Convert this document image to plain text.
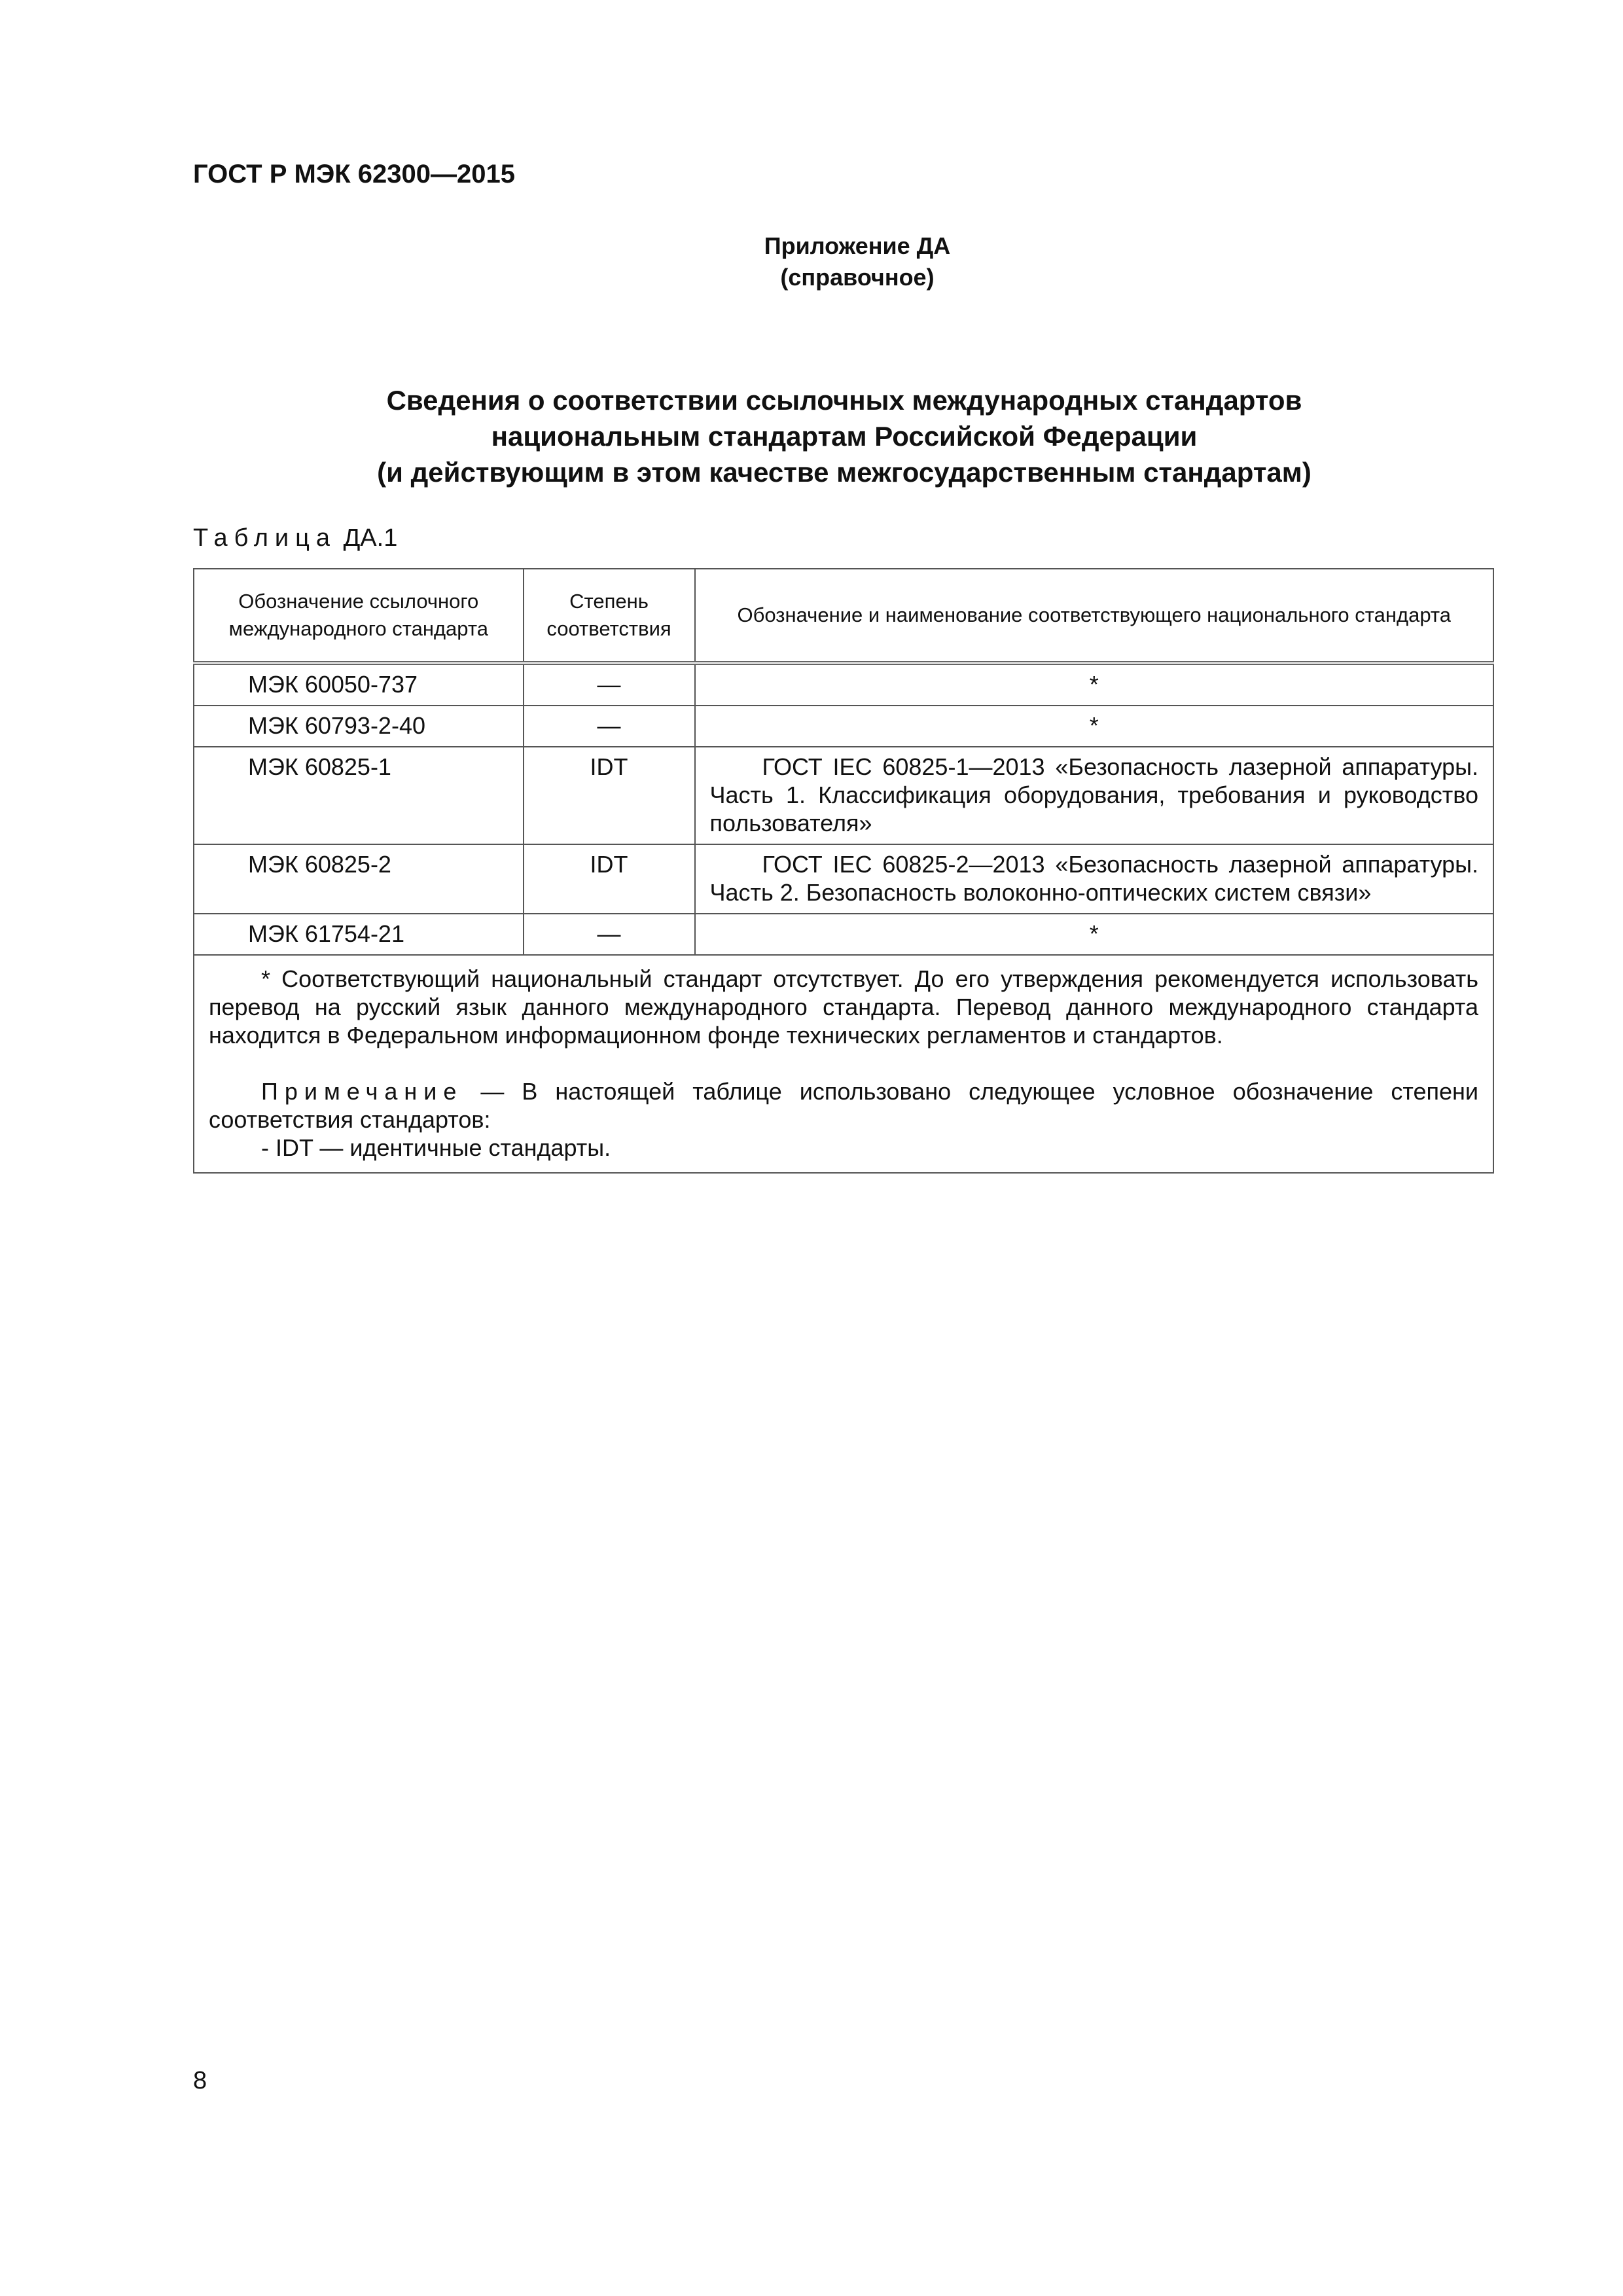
ГОСТ Р МЭК 62300—2015
Приложение ДА
(справочное)
Сведения о соответствии ссылочных международных стандартов
национальным стандартам Российской Федерации
(и действующим в этом качестве межгосударственным стандартам)
Таблица ДА.1
Обозначение ссылочного международного стандарта	Степень соответствия	Обозначение и наименование соответствующего национального стандарта
МЭК 60050-737	—	*
МЭК 60793-2-40	—	*
МЭК 60825-1	IDT	ГОСТ IEC 60825-1—2013 «Безопасность лазерной аппаратуры. Часть 1. Классификация оборудования, требования и руководство пользователя»
МЭК 60825-2	IDT	ГОСТ IEC 60825-2—2013 «Безопасность лазерной аппаратуры. Часть 2. Безопасность волоконно-оптических систем связи»
МЭК 61754-21	—	*

* Соответствующий национальный стандарт отсутствует. До его утверждения рекомендуется использовать перевод на русский язык данного международного стандарта. Перевод данного международного стандарта находится в Федеральном информационном фонде технических регламентов и стандартов.

Примечание — В настоящей таблице использовано следующее условное обозначение степени соответствия стандартов:

- IDT — идентичные стандарты.		

8
